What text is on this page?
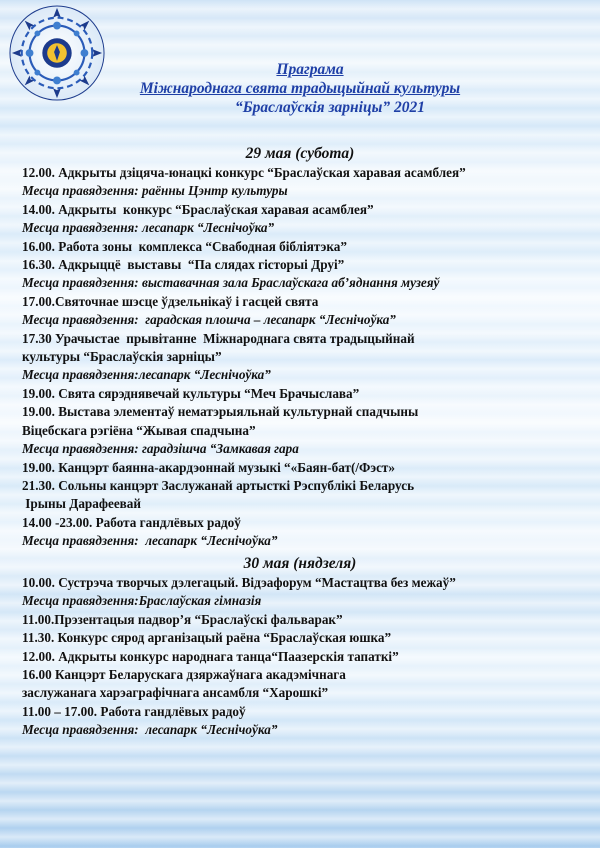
Прагpама
Міжнароднага свята традыцыйнай культуры
“Браслаўскія зарніцы” 2021
29 мая (субота)
12.00. Адкрыты дзіцяча-юнацкі конкурс “Браслаўская харавая асамблея”
Месца правядзення: раённы Цэнтр культуры
14.00. Адкрыты  конкурс “Браслаўская харавая асамблея”
Месца правядзення: лесапарк “Леснічоўка”
16.00. Работа зоны  комплекса “Свабодная бібліятэка”
16.30. Адкрыццё  выставы  “Па слядах гісторыі Друі”
Месца правядзення: выставачная зала Браслаўскага аб’яднання музеяў
17.00.Святочнае шэсце ўдзельнікаў і гасцей свята
Месца правядзення:  гарадская плошча – лесапарк “Леснічоўка”
17.30 Урачыстае  прывітанне  Міжнароднага свята традыцыйнай
культуры “Браслаўскія зарніцы”
Месца правядзення:лесапарк “Леснічоўка”
19.00. Свята сярэднявечай культуры “Меч Брачыслава”
19.00. Выстава элементаў нематэрыяльнай культурнай спадчыны
Віцебскага рэгіёна “Жывая спадчына”
Месца правядзення: гарадзішча “Замкавая гара
19.00. Канцэрт баянна-акардэоннай музыкі “«Баян-бат(/Фэст»
21.30. Сольны канцэрт Заслужанай артысткі Рэспублікі Беларусь
Ірыны Дарафеевай
14.00 -23.00. Работа гандлёвых радоў
Месца правядзення:  лесапарк “Леснічоўка”
30 мая (нядзеля)
10.00. Сустрэча творчых дэлегацый. Відэафорум “Мастацтва без межаў”
Месца правядзення:Браслаўская гімназія
11.00.Прэзентацыя падвор’я “Браслаўскі фальварак”
11.30. Конкурс сярод арганізацый раёна “Браслаўская юшка”
12.00. Адкрыты конкурс народнага танца“Паазерскія тапаткі”
16.00 Канцэрт Беларускага дзяржаўнага акадэмічнага
заслужанага харэаграфічнага ансамбля “Харошкі”
11.00 – 17.00. Работа гандлёвых радоў
Месца правядзення:  лесапарк “Леснічоўка”
